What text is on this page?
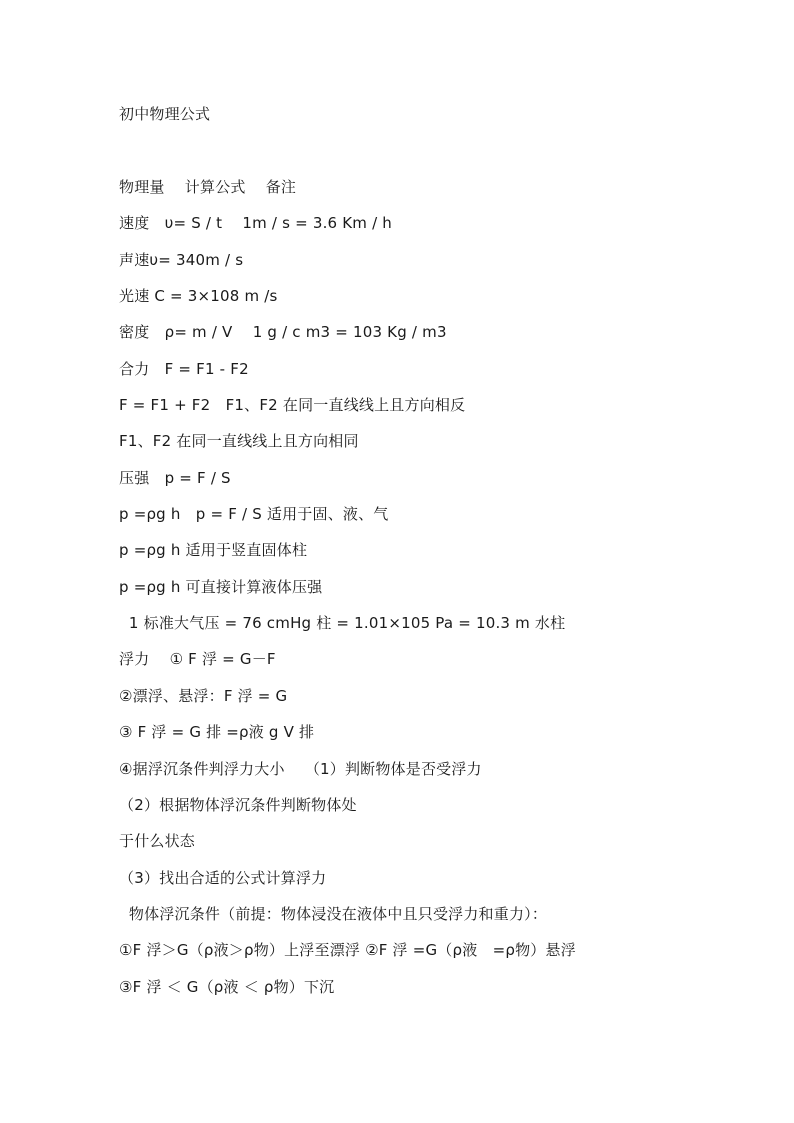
初中物理公式
物理量　 计算公式　 备注
速度　υ= S / t　 1m / s = 3.6 Km / h
声速υ= 340m / s
光速 C = 3×108 m /s
密度　ρ= m / V　 1 g / c m3 = 103 Kg / m3
合力　F = F1 - F2
F = F1 + F2　F1、F2 在同一直线线上且方向相反
F1、F2 在同一直线线上且方向相同
压强　p = F / S
p =ρg h　p = F / S 适用于固、液、气
p =ρg h 适用于竖直固体柱
p =ρg h 可直接计算液体压强
1 标准大气压 = 76 cmHg 柱 = 1.01×105 Pa = 10.3 m 水柱
浮力　 ① F 浮 = G－F
②漂浮、悬浮：F 浮 = G
③ F 浮 = G 排 =ρ液 g V 排
④据浮沉条件判浮力大小　 （1）判断物体是否受浮力
（2）根据物体浮沉条件判断物体处
于什么状态
（3）找出合适的公式计算浮力
物体浮沉条件（前提：物体浸没在液体中且只受浮力和重力）：
①F 浮＞G（ρ液＞ρ物）上浮至漂浮 ②F 浮 =G（ρ液　=ρ物）悬浮
③F 浮 ＜ G（ρ液 ＜ ρ物）下沉
